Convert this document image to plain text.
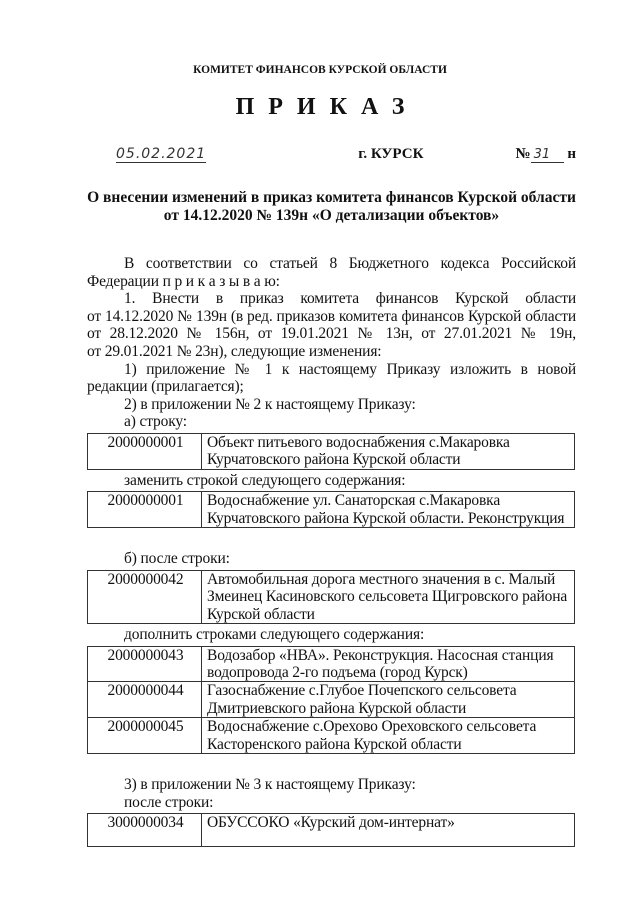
КОМИТЕТ ФИНАНСОВ КУРСКОЙ ОБЛАСТИ
ПРИКАЗ
05.02.2021	г. КУРСК	№ 31 н
О внесении изменений в приказ комитета финансов Курской области
от 14.12.2020 № 139н «О детализации объектов»
В соответствии со статьей 8 Бюджетного кодекса Российской
Федерации п р и к а з ы в а ю:
1. Внести в приказ комитета финансов Курской области
от 14.12.2020 № 139н (в ред. приказов комитета финансов Курской области
от 28.12.2020 № 156н, от 19.01.2021 № 13н, от 27.01.2021 № 19н,
от 29.01.2021 № 23н), следующие изменения:
1) приложение № 1 к настоящему Приказу изложить в новой
редакции (прилагается);
2) в приложении № 2 к настоящему Приказу:
а) строку:
2000000001	Объект питьевого водоснабжения с.Макаровка Курчатовского района Курской области
заменить строкой следующего содержания:
2000000001	Водоснабжение ул. Санаторская с.Макаровка Курчатовского района Курской области. Реконструкция
б) после строки:
2000000042	Автомобильная дорога местного значения в с. Малый Змеинец Касиновского сельсовета Щигровского района Курской области
дополнить строками следующего содержания:
2000000043	Водозабор «НВА». Реконструкция. Насосная станция водопровода 2-го подъема (город Курск)
2000000044	Газоснабжение с.Глубое Почепского сельсовета Дмитриевского района Курской области
2000000045	Водоснабжение с.Орехово Ореховского сельсовета Касторенского района Курской области
3) в приложении № 3 к настоящему Приказу:
после строки:
3000000034	ОБУССОКО «Курский дом-интернат»
